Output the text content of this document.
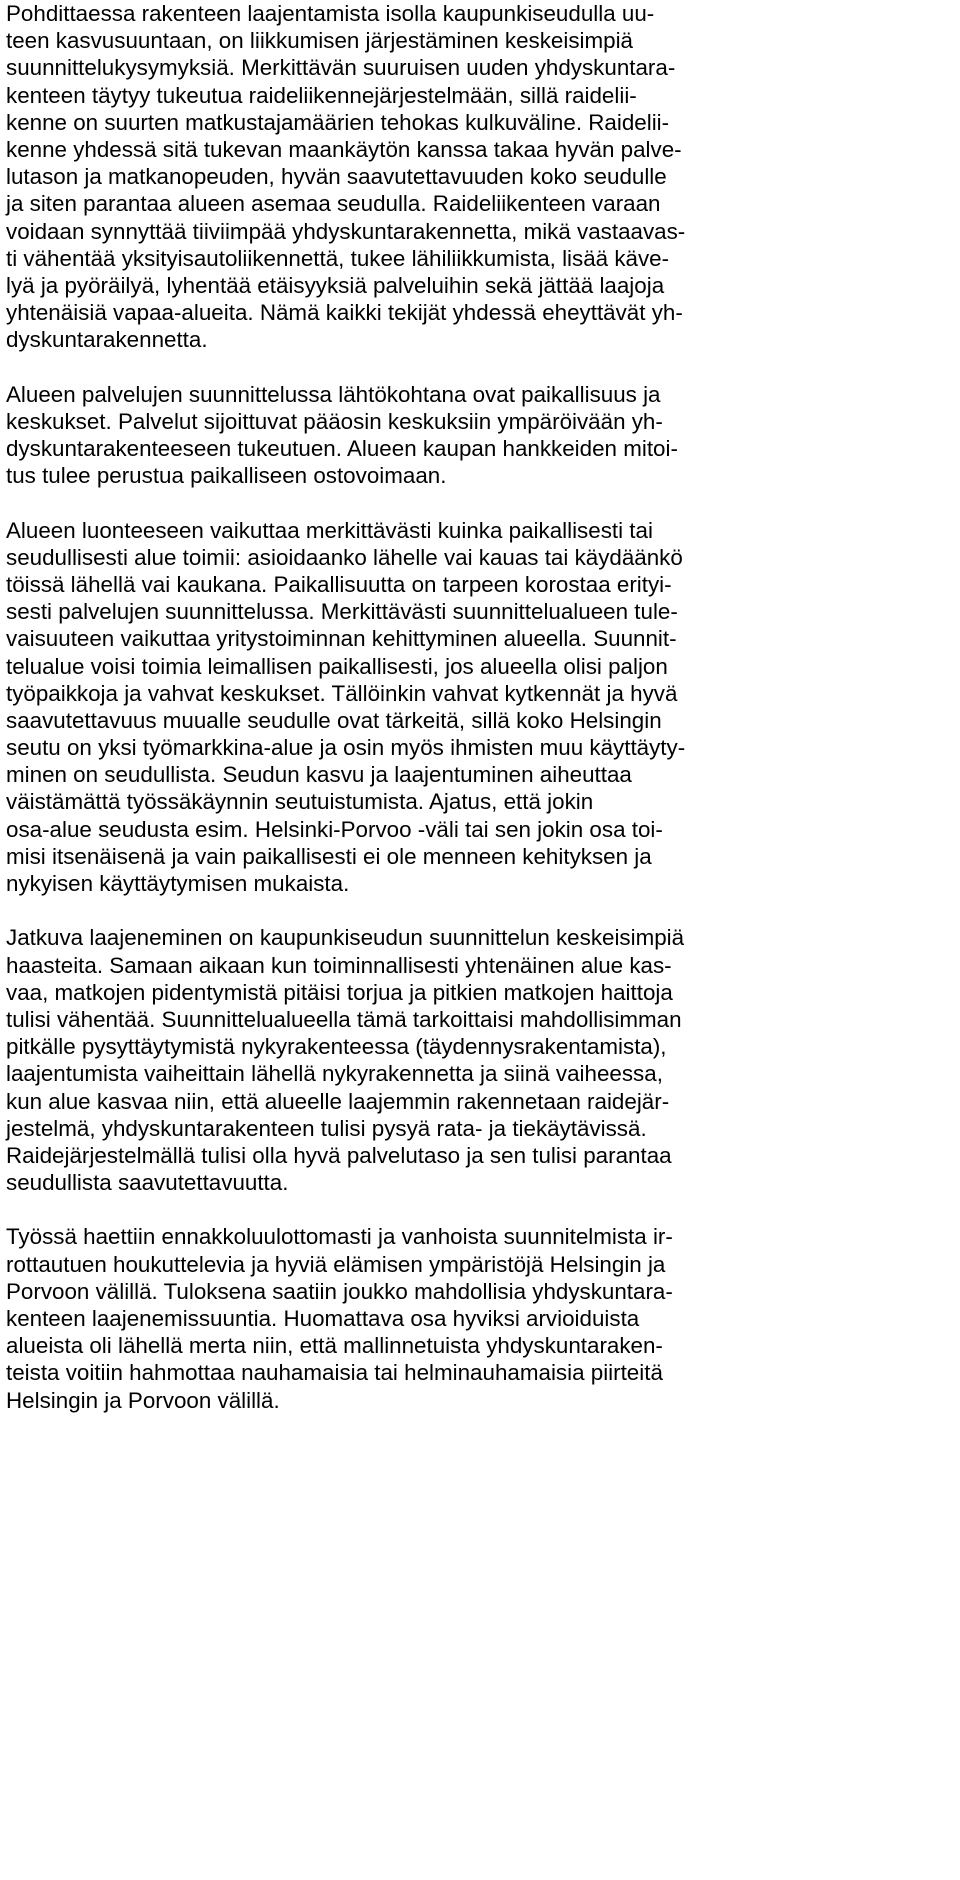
Pohdittaessa rakenteen laajentamista isolla kaupunkiseudulla uu-
teen kasvusuuntaan, on liikkumisen järjestäminen keskeisimpiä
suunnittelukysymyksiä. Merkittävän suuruisen uuden yhdyskuntara-
kenteen täytyy tukeutua raideliikennejärjestelmään, sillä raidelii-
kenne on suurten matkustajamäärien tehokas kulkuväline. Raidelii-
kenne yhdessä sitä tukevan maankäytön kanssa takaa hyvän palve-
lutason ja matkanopeuden, hyvän saavutettavuuden koko seudulle
ja siten parantaa alueen asemaa seudulla. Raideliikenteen varaan
voidaan synnyttää tiiviimpää yhdyskuntarakennetta, mikä vastaavas-
ti vähentää yksityisautoliikennettä, tukee lähiliikkumista, lisää käve-
lyä ja pyöräilyä, lyhentää etäisyyksiä palveluihin sekä jättää laajoja
yhtenäisiä vapaa-alueita. Nämä kaikki tekijät yhdessä eheyttävät yh-
dyskuntarakennetta.
Alueen palvelujen suunnittelussa lähtökohtana ovat paikallisuus ja
keskukset. Palvelut sijoittuvat pääosin keskuksiin ympäröivään yh-
dyskuntarakenteeseen tukeutuen. Alueen kaupan hankkeiden mitoi-
tus tulee perustua paikalliseen ostovoimaan.
Alueen luonteeseen vaikuttaa merkittävästi kuinka paikallisesti tai
seudullisesti alue toimii: asioidaanko lähelle vai kauas tai käydäänkö
töissä lähellä vai kaukana. Paikallisuutta on tarpeen korostaa erityi-
sesti palvelujen suunnittelussa. Merkittävästi suunnittelualueen tule-
vaisuuteen vaikuttaa yritystoiminnan kehittyminen alueella. Suunnit-
telualue voisi toimia leimallisen paikallisesti, jos alueella olisi paljon
työpaikkoja ja vahvat keskukset. Tällöinkin vahvat kytkennät ja hyvä
saavutettavuus muualle seudulle ovat tärkeitä, sillä koko Helsingin
seutu on yksi työmarkkina-alue ja osin myös ihmisten muu käyttäyty-
minen on seudullista. Seudun kasvu ja laajentuminen aiheuttaa
väistämättä työssäkäynnin seutuistumista. Ajatus, että jokin
osa-alue seudusta esim. Helsinki-Porvoo -väli tai sen jokin osa toi-
misi itsenäisenä ja vain paikallisesti ei ole menneen kehityksen ja
nykyisen käyttäytymisen mukaista.
Jatkuva laajeneminen on kaupunkiseudun suunnittelun keskeisimpiä
haasteita. Samaan aikaan kun toiminnallisesti yhtenäinen alue kas-
vaa, matkojen pidentymistä pitäisi torjua ja pitkien matkojen haittoja
tulisi vähentää. Suunnittelualueella tämä tarkoittaisi mahdollisimman
pitkälle pysyttäytymistä nykyrakenteessa (täydennysrakentamista),
laajentumista vaiheittain lähellä nykyrakennetta ja siinä vaiheessa,
kun alue kasvaa niin, että alueelle laajemmin rakennetaan raidejär-
jestelmä, yhdyskuntarakenteen tulisi pysyä rata- ja tiekäytävissä.
Raidejärjestelmällä tulisi olla hyvä palvelutaso ja sen tulisi parantaa
seudullista saavutettavuutta.
Työssä haettiin ennakkoluulottomasti ja vanhoista suunnitelmista ir-
rottautuen houkuttelevia ja hyviä elämisen ympäristöjä Helsingin ja
Porvoon välillä. Tuloksena saatiin joukko mahdollisia yhdyskuntara-
kenteen laajenemissuuntia. Huomattava osa hyviksi arvioiduista
alueista oli lähellä merta niin, että mallinnetuista yhdyskuntaraken-
teista voitiin hahmottaa nauhamaisia tai helminauhamaisia piirteitä
Helsingin ja Porvoon välillä.
